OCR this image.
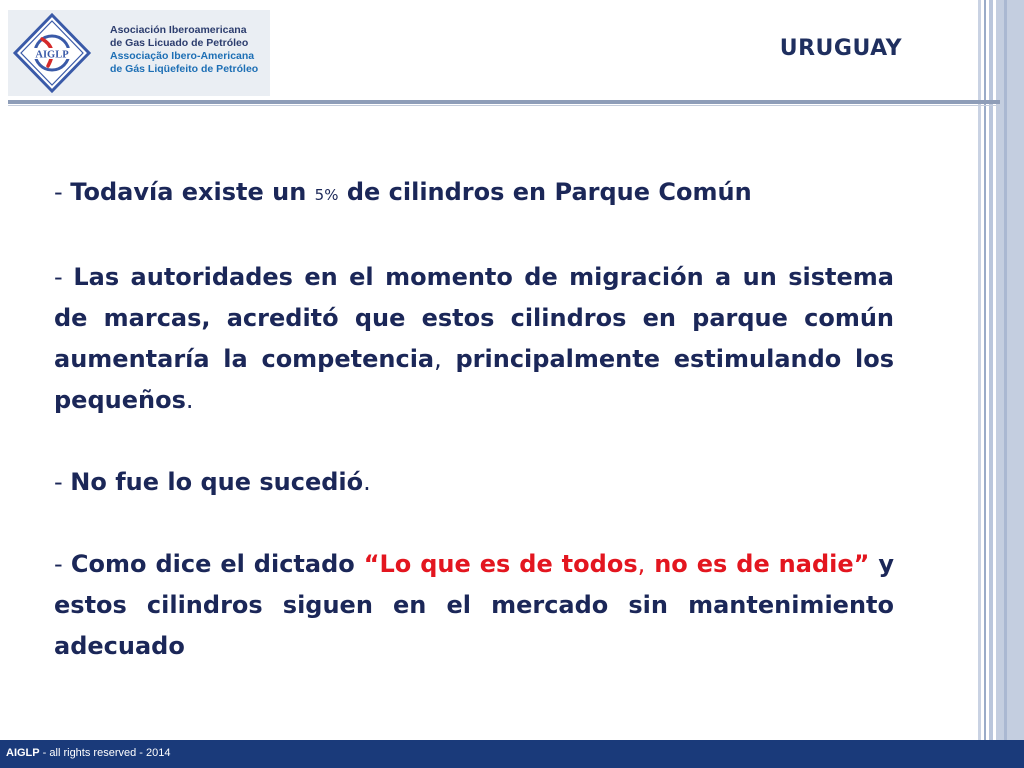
AIGLP
Asociación Iberoamericana
de Gas Licuado de Petróleo
Associação Ibero-Americana
de Gás Liqüefeito de Petróleo
URUGUAY

- Todavía existe un 5% de cilindros en Parque Común

- Las autoridades en el momento de migración a un sistema de marcas, acreditó que estos cilindros en parque común aumentaría la competencia, principalmente estimulando los pequeños.

- No fue lo que sucedió.

- Como dice el dictado “Lo que es de todos, no es de nadie” y estos cilindros siguen en el mercado sin mantenimiento adecuado

AIGLP - all rights reserved - 2014
